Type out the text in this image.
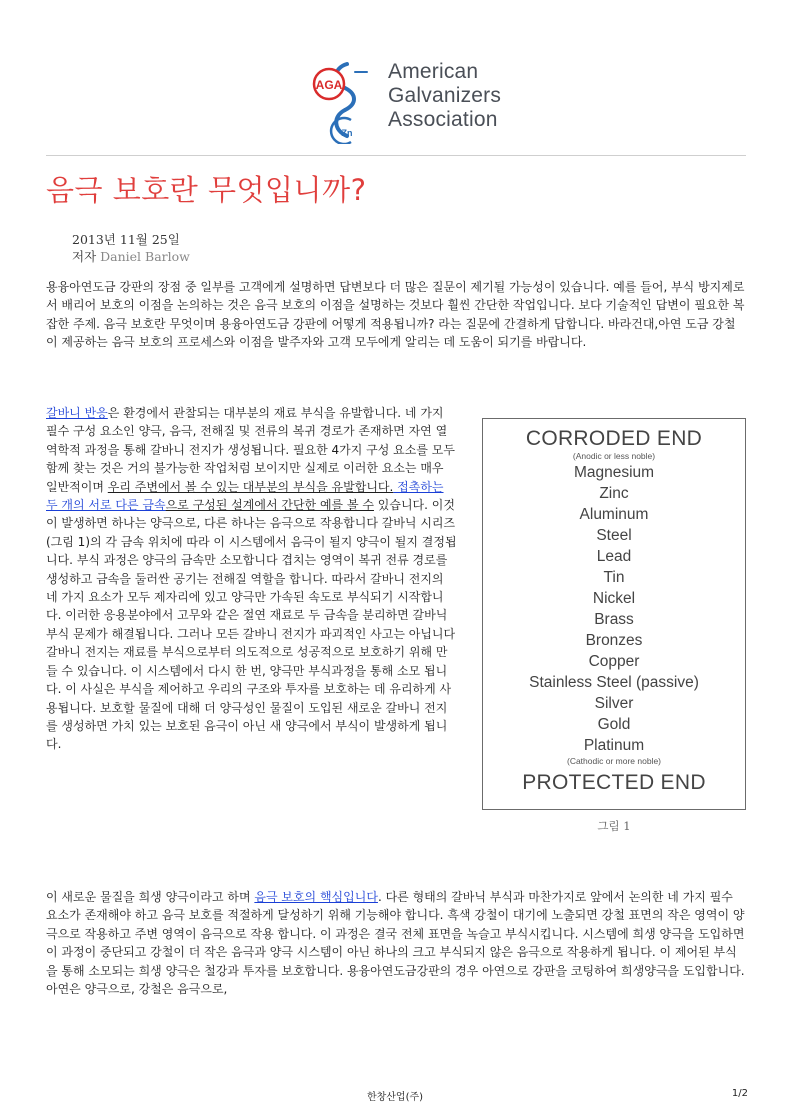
AGA
Zn
American
Galvanizers
Association
음극 보호란 무엇입니까?
2013년 11월 25일
저자 Daniel Barlow

용융아연도금 강판의 장점 중 일부를 고객에게 설명하면 답변보다 더 많은 질문이 제기될 가능성이 있습니다. 예를 들어, 부식 방지제로서 배리어 보호의 이점을 논의하는 것은 음극 보호의 이점을 설명하는 것보다 훨씬 간단한 작업입니다. 보다 기술적인 답변이 필요한 복잡한 주제. 음극 보호란 무엇이며 용융아연도금 강판에 어떻게 적용됩니까? 라는 질문에 간결하게 답합니다. 바라건대,아연 도금 강철이 제공하는 음극 보호의 프로세스와 이점을 발주자와 고객 모두에게 알리는 데 도움이 되기를 바랍니다.

갈바니 반응은 환경에서 관찰되는 대부분의 재료 부식을 유발합니다. 네 가지 필수 구성 요소인 양극, 음극, 전해질 및 전류의 복귀 경로가 존재하면 자연 열역학적 과정을 통해 갈바니 전지가 생성됩니다. 필요한 4가지 구성 요소를 모두 함께 찾는 것은 거의 불가능한 작업처럼 보이지만 실제로 이러한 요소는 매우 일반적이며 우리 주변에서 볼 수 있는 대부분의 부식을 유발합니다. 접촉하는 두 개의 서로 다른 금속으로 구성된 설계에서 간단한 예를 볼 수 있습니다. 이것이 발생하면 하나는 양극으로, 다른 하나는 음극으로 작용합니다 갈바닉 시리즈(그림 1)의 각 금속 위치에 따라 이 시스템에서 음극이 될지 양극이 될지 결정됩니다. 부식 과정은 양극의 금속만 소모합니다 겹치는 영역이 복귀 전류 경로를 생성하고 금속을 둘러싼 공기는 전해질 역할을 합니다. 따라서 갈바니 전지의 네 가지 요소가 모두 제자리에 있고 양극만 가속된 속도로 부식되기 시작합니다. 이러한 응용분야에서 고무와 같은 절연 재료로 두 금속을 분리하면 갈바닉 부식 문제가 해결됩니다. 그러나 모든 갈바니 전지가 파괴적인 사고는 아닙니다 갈바니 전지는 재료를 부식으로부터 의도적으로 성공적으로 보호하기 위해 만들 수 있습니다. 이 시스템에서 다시 한 번, 양극만 부식과정을 통해 소모 됩니다. 이 사실은 부식을 제어하고 우리의 구조와 투자를 보호하는 데 유리하게 사용됩니다. 보호할 물질에 대해 더 양극성인 물질이 도입된 새로운 갈바니 전지를 생성하면 가치 있는 보호된 음극이 아닌 새 양극에서 부식이 발생하게 됩니다.

CORRODED END
(Anodic or less noble)
Magnesium
Zinc
Aluminum
Steel
Lead
Tin
Nickel
Brass
Bronzes
Copper
Stainless Steel (passive)
Silver
Gold
Platinum
(Cathodic or more noble)
PROTECTED END
그림 1

이 새로운 물질을 희생 양극이라고 하며 음극 보호의 핵심입니다. 다른 형태의 갈바닉 부식과 마찬가지로 앞에서 논의한 네 가지 필수 요소가 존재해야 하고 음극 보호를 적절하게 달성하기 위해 기능해야 합니다. 흑색 강철이 대기에 노출되면 강철 표면의 작은 영역이 양극으로 작용하고 주변 영역이 음극으로 작용 합니다. 이 과정은 결국 전체 표면을 녹슬고 부식시킵니다. 시스템에 희생 양극을 도입하면 이 과정이 중단되고 강철이 더 작은 음극과 양극 시스템이 아닌 하나의 크고 부식되지 않은 음극으로 작용하게 됩니다. 이 제어된 부식을 통해 소모되는 희생 양극은 철강과 투자를 보호합니다. 용융아연도금강판의 경우 아연으로 강판을 코팅하여 희생양극을 도입합니다. 아연은 양극으로, 강철은 음극으로,

한창산업(주)	1/2
